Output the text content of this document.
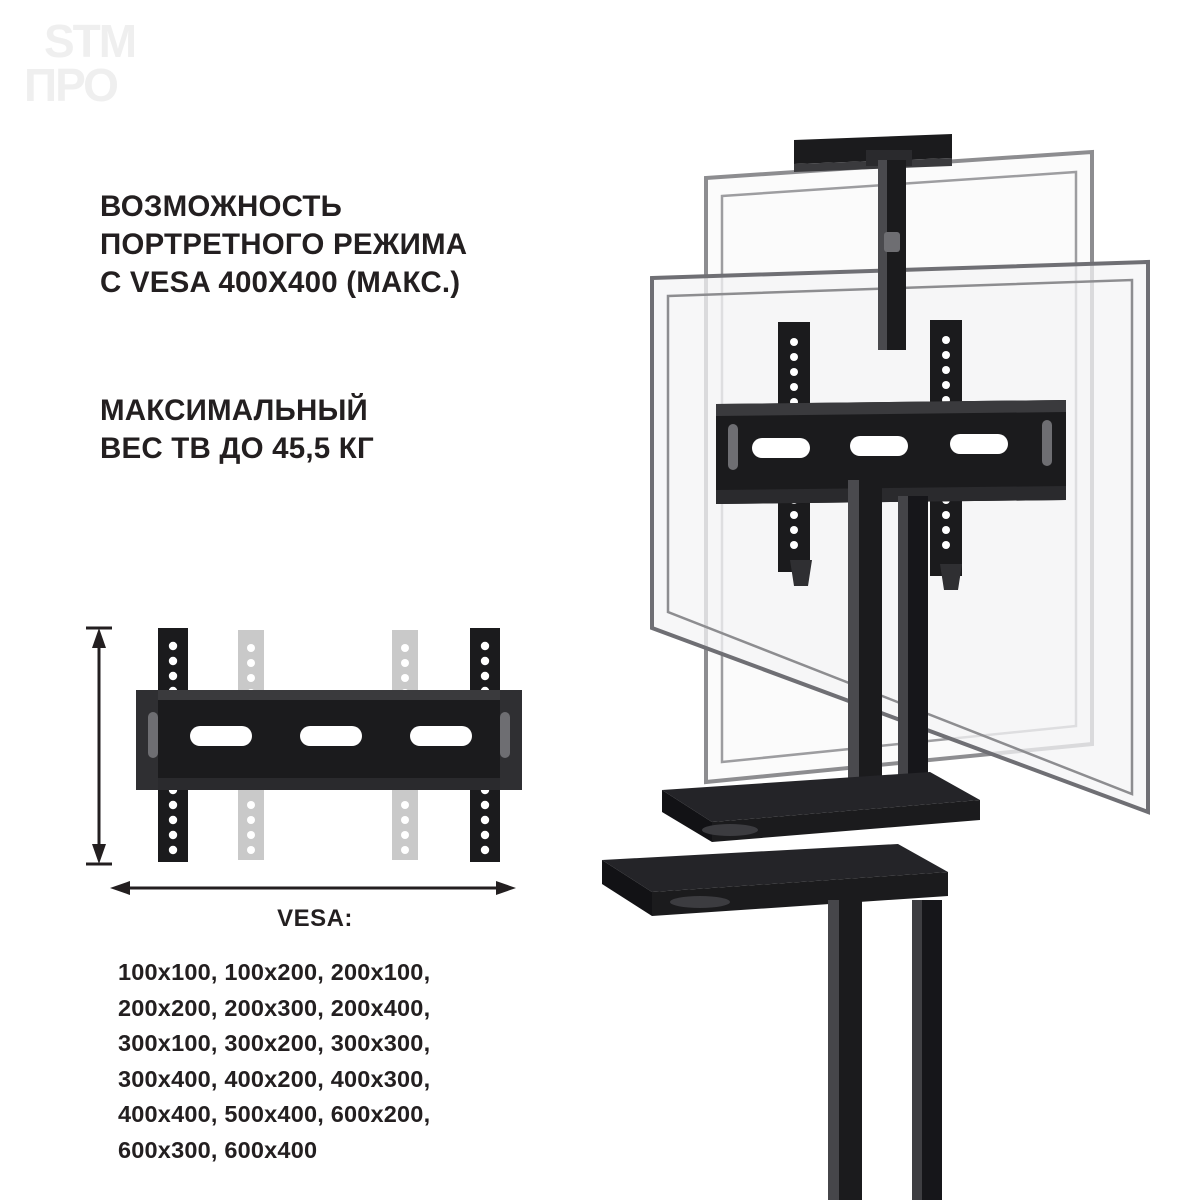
STM
ПРО
ВОЗМОЖНОСТЬ
ПОРТРЕТНОГО РЕЖИМА
С VESA 400X400 (МАКС.)
МАКСИМАЛЬНЫЙ
ВЕС ТВ ДО 45,5 КГ
VESA:
100x100, 100x200, 200x100,
200x200, 200x300, 200x400,
300x100, 300x200, 300x300,
300x400, 400x200, 400x300,
400x400, 500x400, 600x200,
600x300, 600x400
